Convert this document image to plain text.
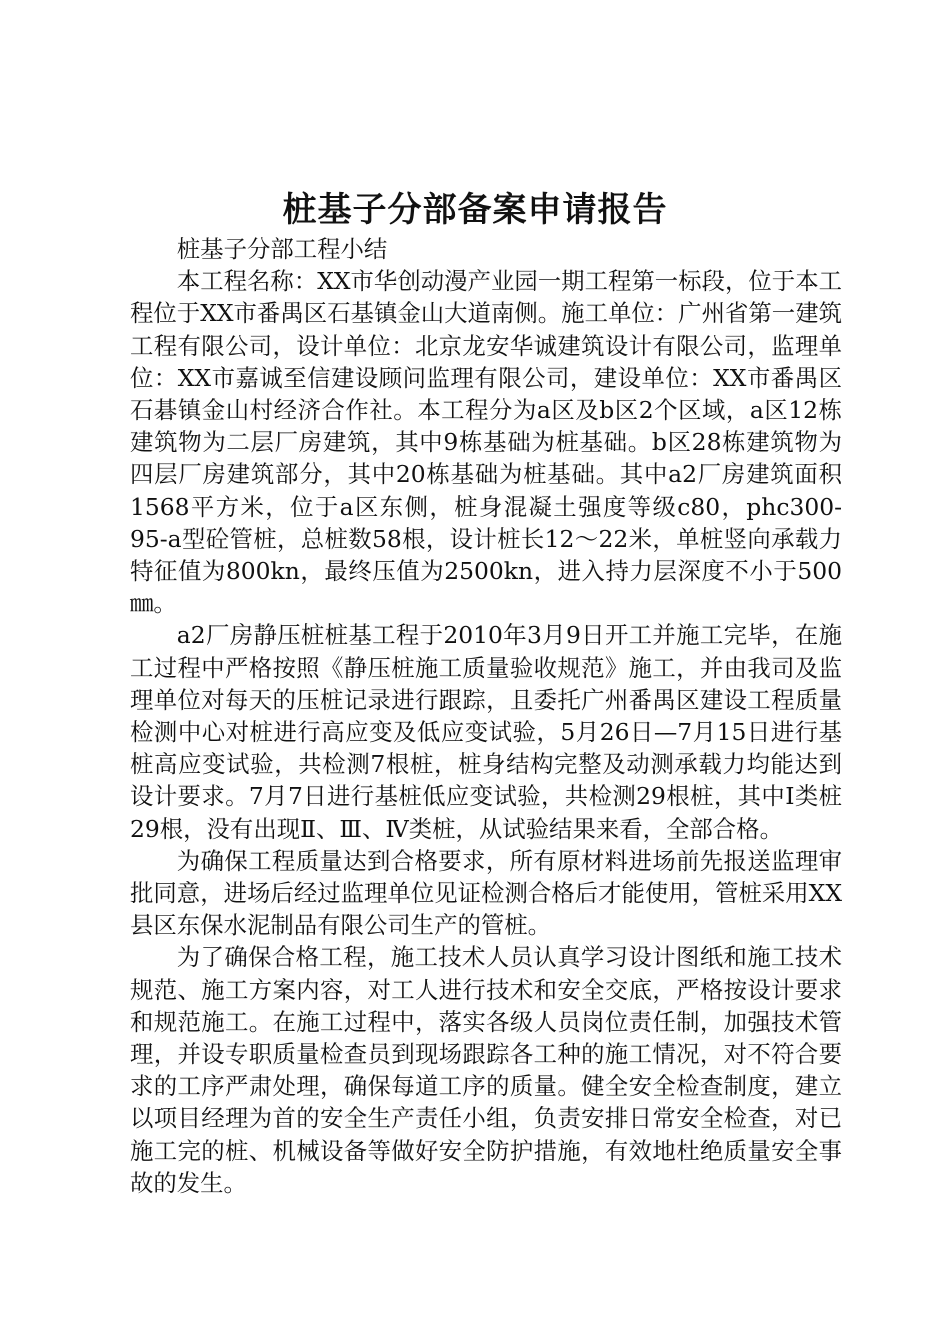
桩基子分部备案申请报告

桩基子分部工程小结

本工程名称：XX市华创动漫产业园一期工程第一标段，位于本工程位于XX市番禺区石基镇金山大道南侧。施工单位：广州省第一建筑工程有限公司，设计单位：北京龙安华诚建筑设计有限公司，监理单位：XX市嘉诚至信建设顾问监理有限公司，建设单位：XX市番禺区石碁镇金山村经济合作社。本工程分为a区及b区2个区域，a区12栋建筑物为二层厂房建筑，其中9栋基础为桩基础。b区28栋建筑物为四层厂房建筑部分，其中20栋基础为桩基础。其中a2厂房建筑面积1568平方米，位于a区东侧，桩身混凝土强度等级c80，phc300-95-a型砼管桩，总桩数58根，设计桩长12～22米，单桩竖向承载力特征值为800kn，最终压值为2500kn，进入持力层深度不小于500㎜。

a2厂房静压桩桩基工程于2010年3月9日开工并施工完毕，在施工过程中严格按照《静压桩施工质量验收规范》施工，并由我司及监理单位对每天的压桩记录进行跟踪，且委托广州番禺区建设工程质量检测中心对桩进行高应变及低应变试验，5月26日—7月15日进行基桩高应变试验，共检测7根桩，桩身结构完整及动测承载力均能达到设计要求。7月7日进行基桩低应变试验，共检测29根桩，其中Ⅰ类桩29根，没有出现Ⅱ、Ⅲ、Ⅳ类桩，从试验结果来看，全部合格。

为确保工程质量达到合格要求，所有原材料进场前先报送监理审批同意，进场后经过监理单位见证检测合格后才能使用，管桩采用XX县区东保水泥制品有限公司生产的管桩。

为了确保合格工程，施工技术人员认真学习设计图纸和施工技术规范、施工方案内容，对工人进行技术和安全交底，严格按设计要求和规范施工。在施工过程中，落实各级人员岗位责任制，加强技术管理，并设专职质量检查员到现场跟踪各工种的施工情况，对不符合要求的工序严肃处理，确保每道工序的质量。健全安全检查制度，建立以项目经理为首的安全生产责任小组，负责安排日常安全检查，对已施工完的桩、机械设备等做好安全防护措施，有效地杜绝质量安全事故的发生。
